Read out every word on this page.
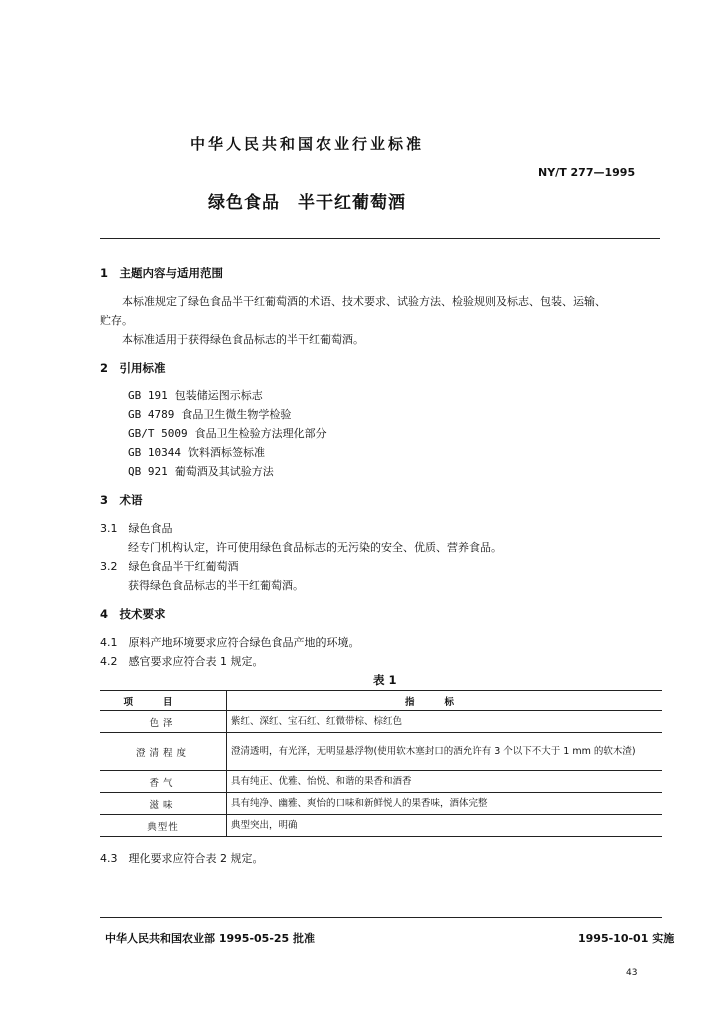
中华人民共和国农业行业标准
NY/T 277—1995
绿色食品 半干红葡萄酒
1　主题内容与适用范围
本标准规定了绿色食品半干红葡萄酒的术语、技术要求、试验方法、检验规则及标志、包装、运输、
贮存。
本标准适用于获得绿色食品标志的半干红葡萄酒。
2　引用标准
GB 191 包装储运图示标志
GB 4789 食品卫生微生物学检验
GB/T 5009 食品卫生检验方法理化部分
GB 10344 饮料酒标签标准
QB 921 葡萄酒及其试验方法
3　术语
3.1　绿色食品
经专门机构认定，许可使用绿色食品标志的无污染的安全、优质、营养食品。
3.2　绿色食品半干红葡萄酒
获得绿色食品标志的半干红葡萄酒。
4　技术要求
4.1　原料产地环境要求应符合绿色食品产地的环境。
4.2　感官要求应符合表 1 规定。
表 1
项目	指标
色泽	紫红、深红、宝石红、红微带棕、棕红色
澄清程度	澄清透明，有光泽，无明显悬浮物(使用软木塞封口的酒允许有 3 个以下不大于 1 mm 的软木渣)
香气	具有纯正、优雅、怡悦、和谐的果香和酒香
滋味	具有纯净、幽雅、爽怡的口味和新鲜悦人的果香味，酒体完整
典型性	典型突出，明确
4.3　理化要求应符合表 2 规定。
中华人民共和国农业部 1995-05-25 批准	1995-10-01 实施
43
